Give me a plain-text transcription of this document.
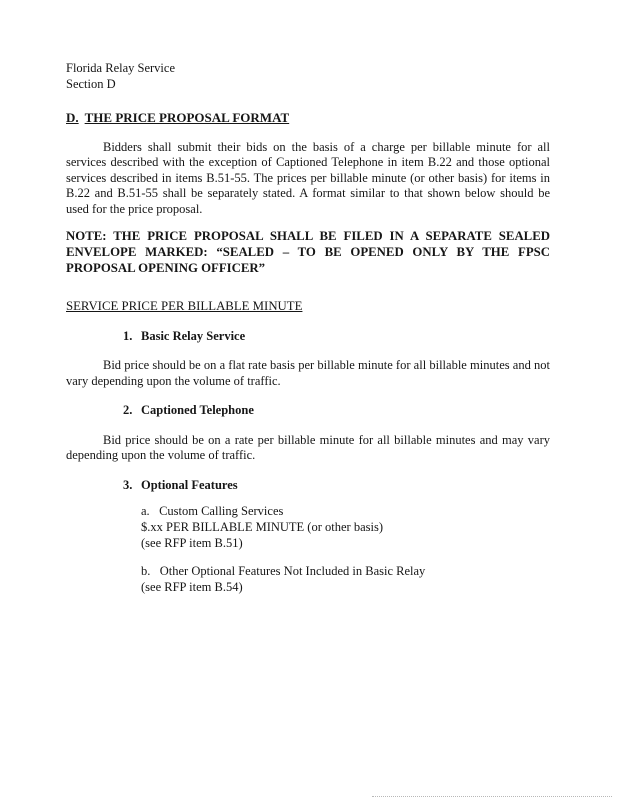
Florida Relay Service
Section D
D. THE PRICE PROPOSAL FORMAT

Bidders shall submit their bids on the basis of a charge per billable minute for all services described with the exception of Captioned Telephone in item B.22 and those optional services described in items B.51-55. The prices per billable minute (or other basis) for items in B.22 and B.51-55 shall be separately stated. A format similar to that shown below should be used for the price proposal.

NOTE: THE PRICE PROPOSAL SHALL BE FILED IN A SEPARATE SEALED ENVELOPE MARKED: “SEALED – TO BE OPENED ONLY BY THE FPSC PROPOSAL OPENING OFFICER”

SERVICE PRICE PER BILLABLE MINUTE
1. Basic Relay Service

Bid price should be on a flat rate basis per billable minute for all billable minutes and not vary depending upon the volume of traffic.

2. Captioned Telephone

Bid price should be on a rate per billable minute for all billable minutes and may vary depending upon the volume of traffic.

3. Optional Features
a. Custom Calling Services
$.xx PER BILLABLE MINUTE (or other basis)
(see RFP item B.51)
b. Other Optional Features Not Included in Basic Relay
(see RFP item B.54)
